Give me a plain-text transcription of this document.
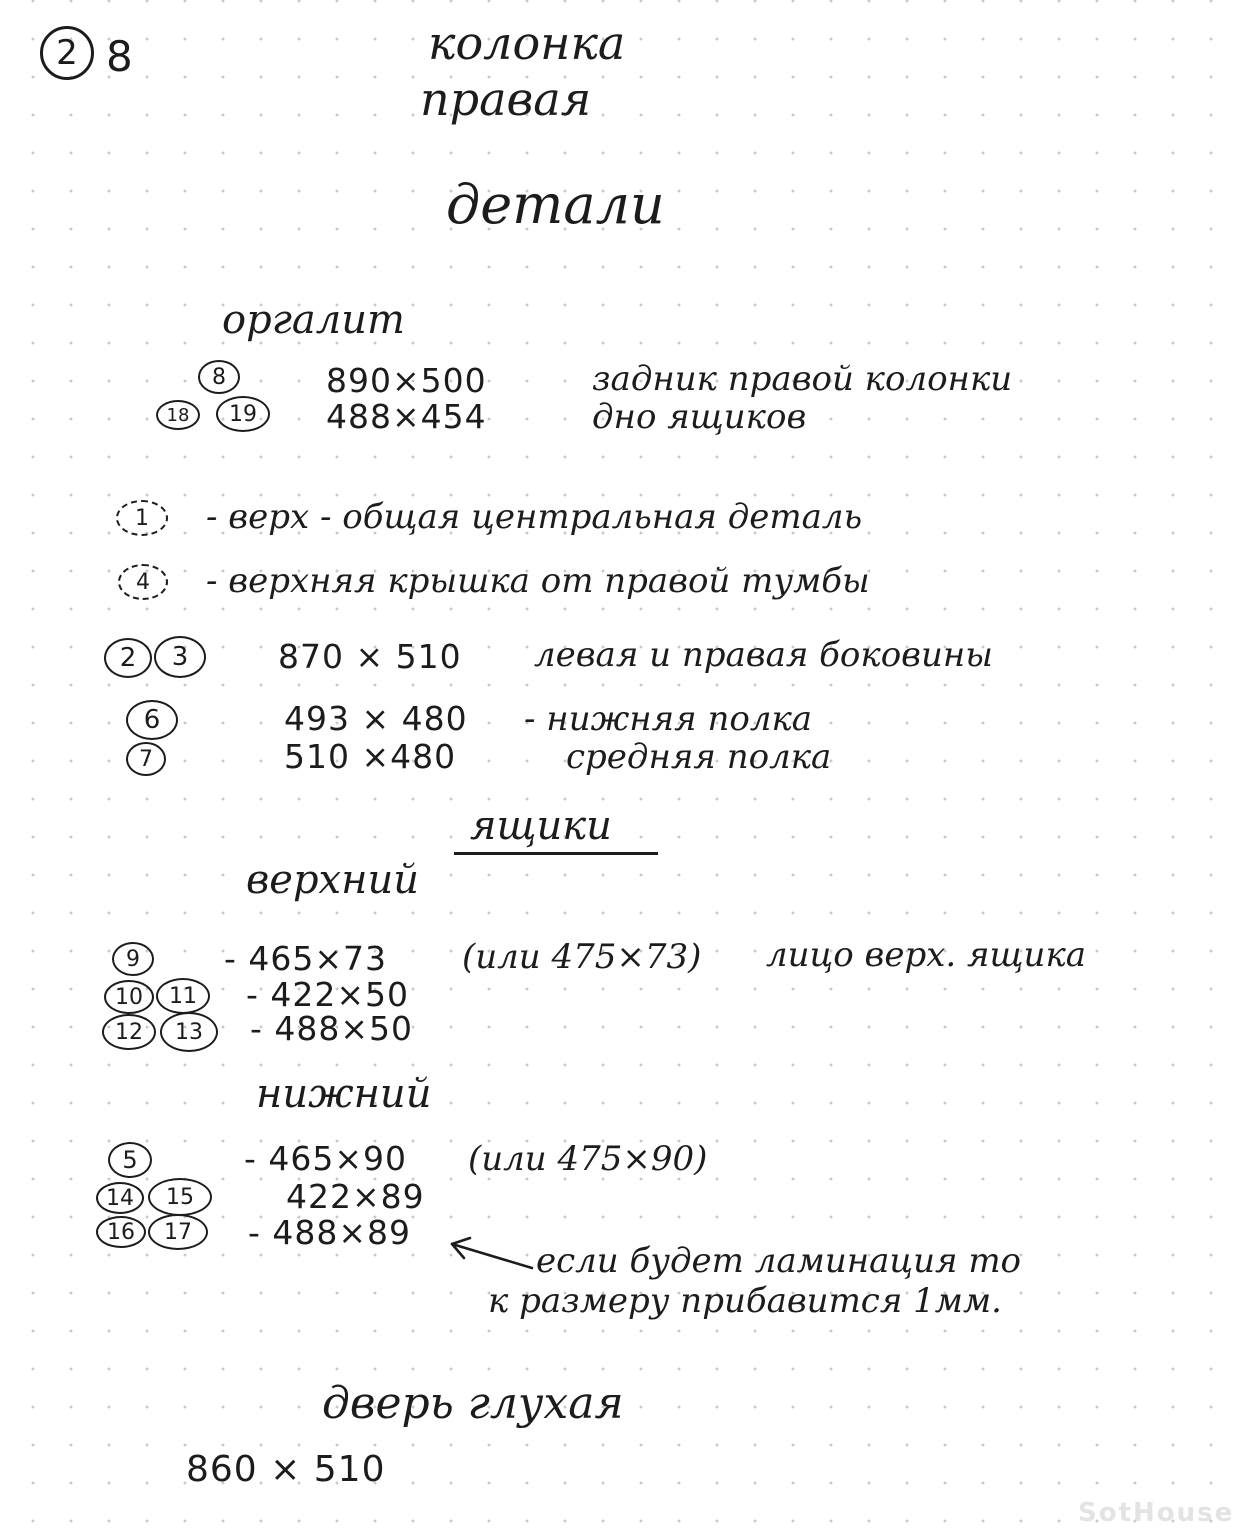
2 8	колонка
правая
детали
оргалит
8	890×500	задник правой колонки
18	19	488×454	дно ящиков
1	- верх - общая центральная деталь
4	- верхняя крышка от правой тумбы
2	3	870 × 510 левая и правая боковины
6	493 × 480 - нижняя полка
7	510 ×480	средняя полка
ящики
верхний
9	- 465×73 (или 475×73) лицо верх. ящика
10	11	- 422×50
12	13	- 488×50
нижний
5	- 465×90 (или 475×90)
14	15	422×89
16	17	- 488×89
если будет ламинация то
к размеру прибавится 1мм.
дверь глухая
860 × 510
SotHouse
